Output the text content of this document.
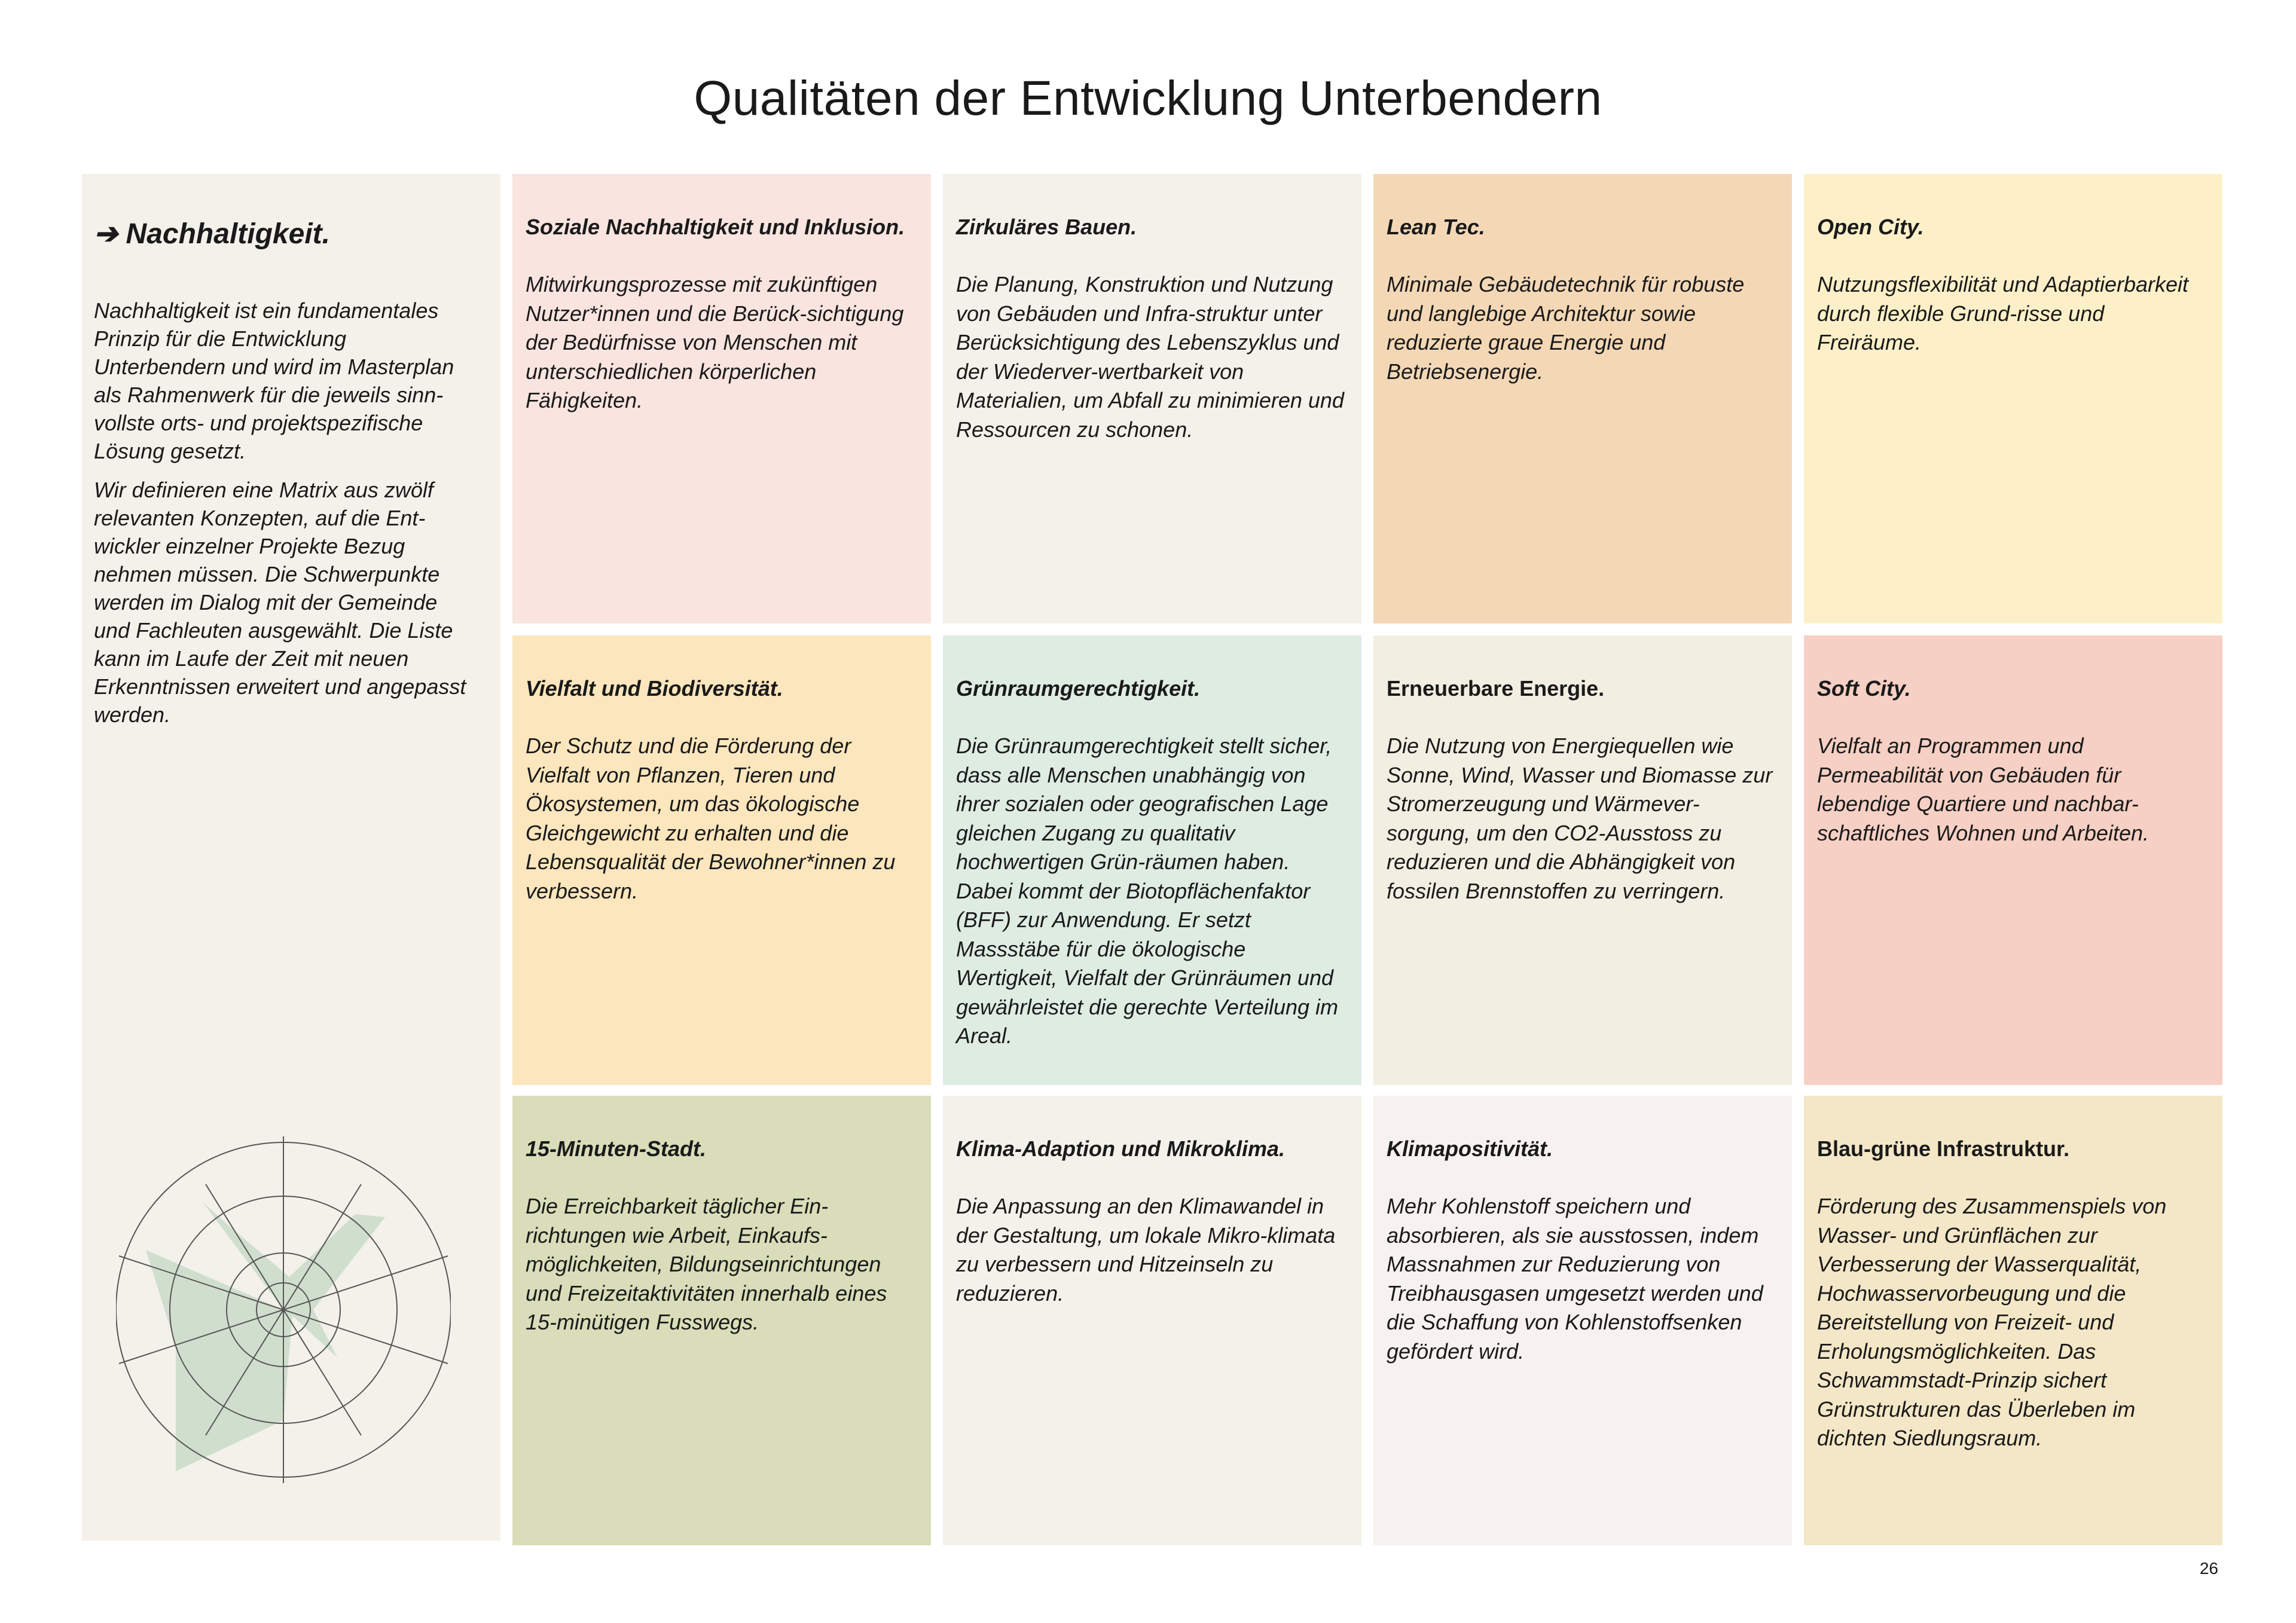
Qualitäten der Entwicklung Unterbendern
➔ Nachhaltigkeit.

Nachhaltigkeit ist ein fundamentales Prinzip für die Entwicklung Unterbendern und wird im Masterplan als Rahmenwerk für die jeweils sinn-vollste orts- und projektspezifische Lösung gesetzt.

Wir definieren eine Matrix aus zwölf relevanten Konzepten, auf die Ent-wickler einzelner Projekte Bezug nehmen müssen. Die Schwerpunkte werden im Dialog mit der Gemeinde und Fachleuten ausgewählt. Die Liste kann im Laufe der Zeit mit neuen Erkenntnissen erweitert und angepasst werden.

Soziale Nachhaltigkeit und Inklusion.

Mitwirkungsprozesse mit zukünftigen Nutzer*innen und die Berück-sichtigung der Bedürfnisse von Menschen mit unterschiedlichen körperlichen Fähigkeiten.

Zirkuläres Bauen.

Die Planung, Konstruktion und Nutzung von Gebäuden und Infra-struktur unter Berücksichtigung des Lebenszyklus und der Wiederver-wertbarkeit von Materialien, um Abfall zu minimieren und Ressourcen zu schonen.

Lean Tec.

Minimale Gebäudetechnik für robuste und langlebige Architektur sowie reduzierte graue Energie und Betriebsenergie.

Open City.

Nutzungsflexibilität und Adaptierbarkeit durch flexible Grund-risse und Freiräume.

Vielfalt und Biodiversität.

Der Schutz und die Förderung der Vielfalt von Pflanzen, Tieren und Ökosystemen, um das ökologische Gleichgewicht zu erhalten und die Lebensqualität der Bewohner*innen zu verbessern.

Grünraumgerechtigkeit.

Die Grünraumgerechtigkeit stellt sicher, dass alle Menschen unabhängig von ihrer sozialen oder geografischen Lage gleichen Zugang zu qualitativ hochwertigen Grün-räumen haben. Dabei kommt der Biotopflächenfaktor (BFF) zur Anwendung. Er setzt Massstäbe für die ökologische Wertigkeit, Vielfalt der Grünräumen und gewährleistet die gerechte Verteilung im Areal.

Erneuerbare Energie.

Die Nutzung von Energiequellen wie Sonne, Wind, Wasser und Biomasse zur Stromerzeugung und Wärmever-sorgung, um den CO2-Ausstoss zu reduzieren und die Abhängigkeit von fossilen Brennstoffen zu verringern.

Soft City.

Vielfalt an Programmen und Permeabilität von Gebäuden für lebendige Quartiere und nachbar-schaftliches Wohnen und Arbeiten.

15-Minuten-Stadt.

Die Erreichbarkeit täglicher Ein-richtungen wie Arbeit, Einkaufs-möglichkeiten, Bildungseinrichtungen und Freizeitaktivitäten innerhalb eines 15-minütigen Fusswegs.

Klima-Adaption und Mikroklima.

Die Anpassung an den Klimawandel in der Gestaltung, um lokale Mikro-klimata zu verbessern und Hitzeinseln zu reduzieren.

Klimapositivität.

Mehr Kohlenstoff speichern und absorbieren, als sie ausstossen, indem Massnahmen zur Reduzierung von Treibhausgasen umgesetzt werden und die Schaffung von Kohlenstoffsenken gefördert wird.

Blau-grüne Infrastruktur.

Förderung des Zusammenspiels von Wasser- und Grünflächen zur Verbesserung der Wasserqualität, Hochwasservorbeugung und die Bereitstellung von Freizeit- und Erholungsmöglichkeiten. Das Schwammstadt-Prinzip sichert Grünstrukturen das Überleben im dichten Siedlungsraum.

26
